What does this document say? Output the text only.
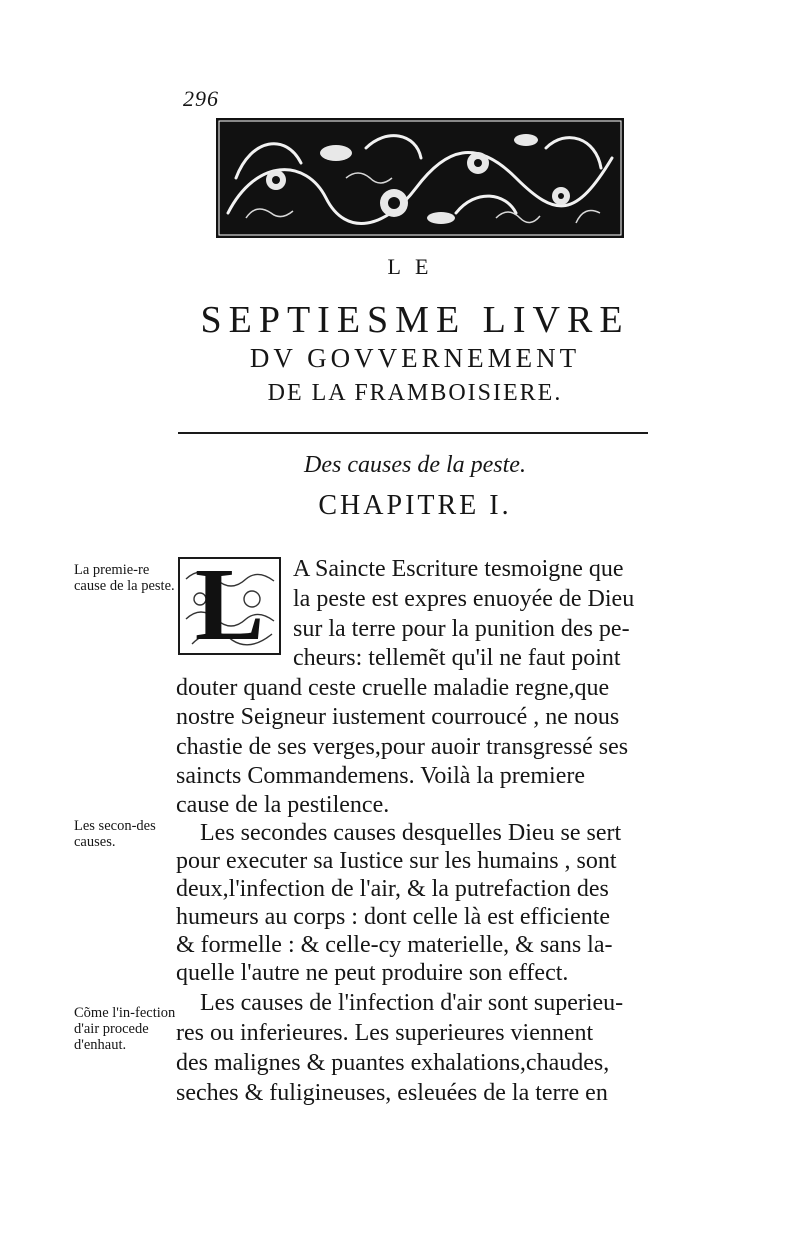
296
LE
SEPTIESME LIVRE
DV GOVVERNEMENT
DE LA FRAMBOISIERE.
Des causes de la peste.
CHAPITRE I.
L	A Saincte Escriture tesmoigne que
la peste est expres enuoyée de Dieu
sur la terre pour la punition des pe-
cheurs: tellemẽt qu'il ne faut point
douter quand ceste cruelle maladie regne,que
nostre Seigneur iustement courroucé , ne nous
chastie de ses verges,pour auoir transgressé ses
saincts Commandemens. Voilà la premiere
cause de la pestilence.
Les secondes causes desquelles Dieu se sert
pour executer sa Iustice sur les humains , sont
deux,l'infection de l'air, & la putrefaction des
humeurs au corps : dont celle là est efficiente
& formelle : & celle-cy materielle, & sans la-
quelle l'autre ne peut produire son effect.
Les causes de l'infection d'air sont superieu-
res ou inferieures. Les superieures viennent
des malignes & puantes exhalations,chaudes,
seches & fuligineuses, esleuées de la terre en
La premie-re cause de la peste.
Les secon-des causes.
Cõme l'in-fection d'air procede d'enhaut.
